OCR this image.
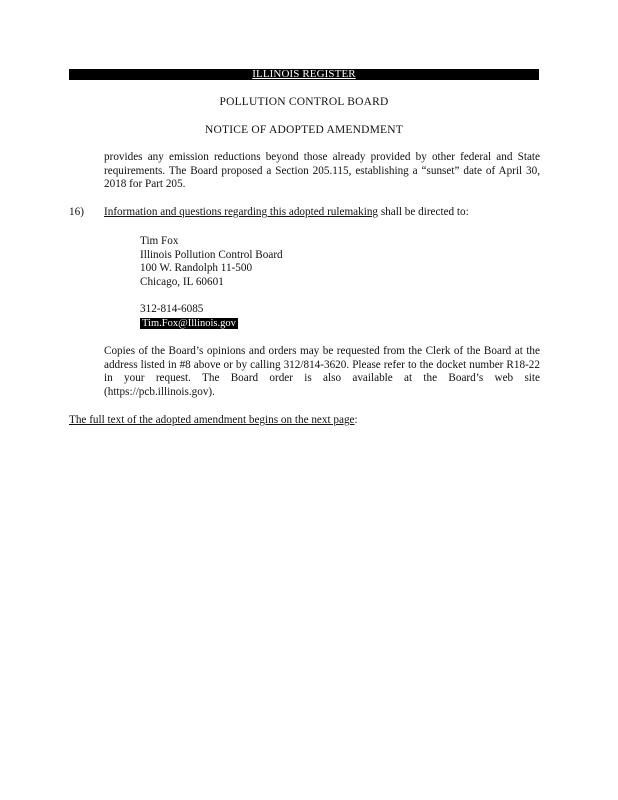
ILLINOIS REGISTER
POLLUTION CONTROL BOARD
NOTICE OF ADOPTED AMENDMENT
provides any emission reductions beyond those already provided by other federal and State requirements. The Board proposed a Section 205.115, establishing a “sunset” date of April 30, 2018 for Part 205.
16) Information and questions regarding this adopted rulemaking shall be directed to:
Tim Fox
Illinois Pollution Control Board
100 W. Randolph 11-500
Chicago, IL 60601
312-814-6085
Tim.Fox@Illinois.gov
Copies of the Board’s opinions and orders may be requested from the Clerk of the Board at the address listed in #8 above or by calling 312/814-3620. Please refer to the docket number R18-22 in your request. The Board order is also available at the Board’s web site (https://pcb.illinois.gov).
The full text of the adopted amendment begins on the next page:
